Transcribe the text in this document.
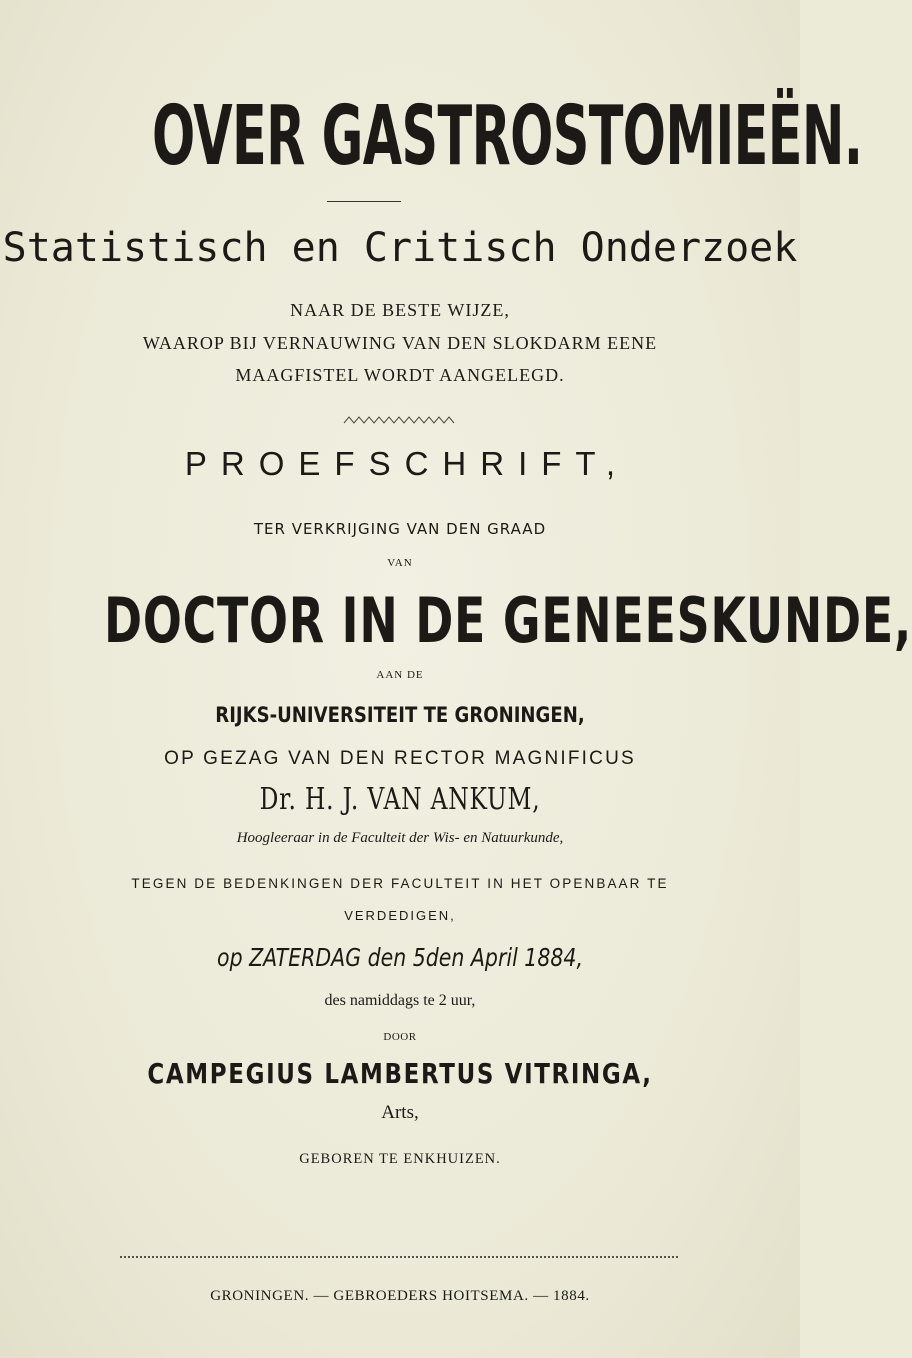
OVER GASTROSTOMIEËN.
Statistisch en Critisch Onderzoek
NAAR DE BESTE WIJZE,
WAAROP BIJ VERNAUWING VAN DEN SLOKDARM EENE
MAAGFISTEL WORDT AANGELEGD.
PROEFSCHRIFT,
TER VERKRIJGING VAN DEN GRAAD
VAN
DOCTOR IN DE GENEESKUNDE,
AAN DE
RIJKS-UNIVERSITEIT TE GRONINGEN,
OP GEZAG VAN DEN RECTOR MAGNIFICUS
Dr. H. J. VAN ANKUM,
Hoogleeraar in de Faculteit der Wis- en Natuurkunde,
TEGEN DE BEDENKINGEN DER FACULTEIT IN HET OPENBAAR TE
VERDEDIGEN,
op ZATERDAG den 5den April 1884,
des namiddags te 2 uur,
DOOR
CAMPEGIUS LAMBERTUS VITRINGA,
Arts,
GEBOREN TE ENKHUIZEN.
GRONINGEN. — GEBROEDERS HOITSEMA. — 1884.
